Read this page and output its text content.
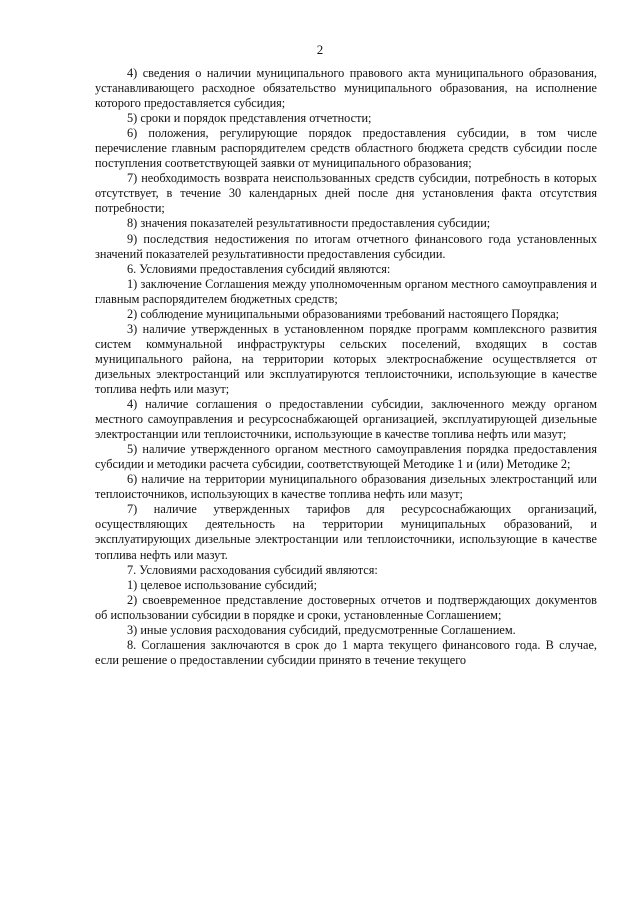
2

4) сведения о наличии муниципального правового акта муниципального образования, устанавливающего расходное обязательство муниципального образования, на исполнение которого предоставляется субсидия;

5) сроки и порядок представления отчетности;

6) положения, регулирующие порядок предоставления субсидии, в том числе перечисление главным распорядителем средств областного бюджета средств субсидии после поступления соответствующей заявки от муниципального образования;

7) необходимость возврата неиспользованных средств субсидии, потребность в которых отсутствует, в течение 30 календарных дней после дня установления факта отсутствия потребности;

8) значения показателей результативности предоставления субсидии;

9) последствия недостижения по итогам отчетного финансового года установленных значений показателей результативности предоставления субсидии.

6. Условиями предоставления субсидий являются:

1) заключение Соглашения между уполномоченным органом местного самоуправления и главным распорядителем бюджетных средств;

2) соблюдение муниципальными образованиями требований настоящего Порядка;

3) наличие утвержденных в установленном порядке программ комплексного развития систем коммунальной инфраструктуры сельских поселений, входящих в состав муниципального района, на территории которых электроснабжение осуществляется от дизельных электростанций или эксплуатируются теплоисточники, использующие в качестве топлива нефть или мазут;

4) наличие соглашения о предоставлении субсидии, заключенного между органом местного самоуправления и ресурсоснабжающей организацией, эксплуатирующей дизельные электростанции или теплоисточники, использующие в качестве топлива нефть или мазут;

5) наличие утвержденного органом местного самоуправления порядка предоставления субсидии и методики расчета субсидии, соответствующей Методике 1 и (или) Методике 2;

6) наличие на территории муниципального образования дизельных электростанций или теплоисточников, использующих в качестве топлива нефть или мазут;

7) наличие утвержденных тарифов для ресурсоснабжающих организаций, осуществляющих деятельность на территории муниципальных образований, и эксплуатирующих дизельные электростанции или теплоисточники, использующие в качестве топлива нефть или мазут.

7. Условиями расходования субсидий являются:

1) целевое использование субсидий;

2) своевременное представление достоверных отчетов и подтверждающих документов об использовании субсидии в порядке и сроки, установленные Соглашением;

3) иные условия расходования субсидий, предусмотренные Соглашением.

8. Соглашения заключаются в срок до 1 марта текущего финансового года. В случае, если решение о предоставлении субсидии принято в течение текущего
